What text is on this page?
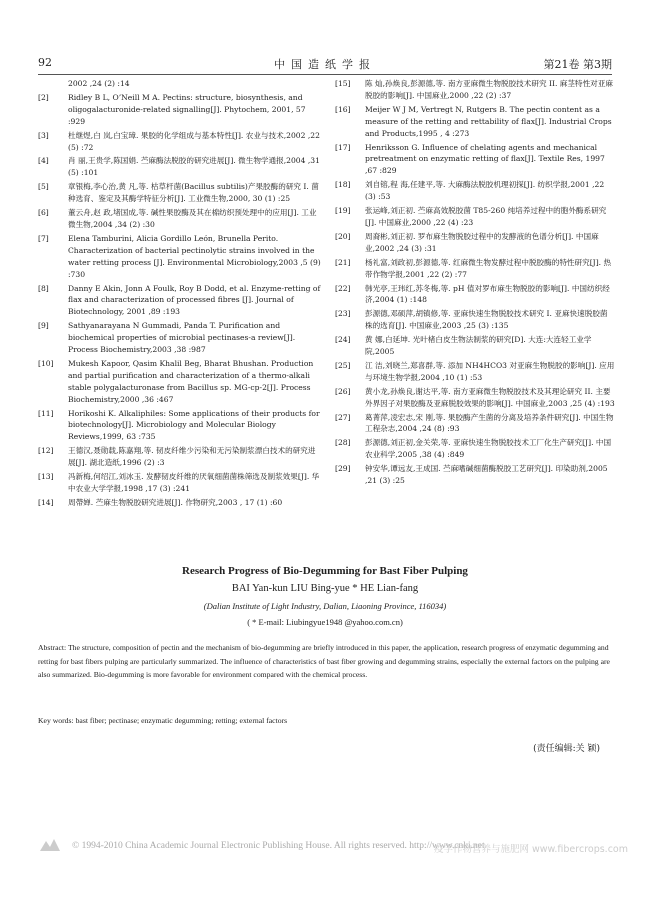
92	中国造纸学报	第21卷 第3期
2002 ,24 (2) :14
[2]	Ridley B L, O’Neill M A. Pectins: structure, biosynthesis, and oligogalacturonide-related signalling[J]. Phytochem, 2001, 57 :929
[3]	杜继煜,白 岚,白宝璋. 果胶的化学组成与基本特性[J]. 农业与技术,2002 ,22 (5) :72
[4]	肖 丽,王贵学,陈国娟. 苎麻酶法脱胶的研究进展[J]. 微生物学通报,2004 ,31 (5) :101
[5]	章银梅,李心治,黄 凡,等. 枯草杆菌(Bacillus subtilis)产果胶酶的研究 I. 菌种选育、鉴定及其酶学特征分析[J]. 工业微生物,2000, 30 (1) :25
[6]	董云舟,赵 政,堵国成,等. 碱性果胶酶及其在棉纺织预处理中的应用[J]. 工业微生物,2004 ,34 (2) :30
[7]	Elena Tamburini, Alicia Gordillo León, Brunella Perito. Characterization of bacterial pectinolytic strains involved in the water retting process [J]. Environmental Microbiology,2003 ,5 (9) :730
[8]	Danny E Akin, Jonn A Foulk, Roy B Dodd, et al. Enzyme-retting of flax and characterization of processed fibres [J]. Journal of Biotechnology, 2001 ,89 :193
[9]	Sathyanarayana N Gummadi, Panda T. Purification and biochemical properties of microbial pectinases-a review[J]. Process Biochemistry,2003 ,38 :987
[10] Mukesh Kapoor, Qasim Khalil Beg, Bharat Bhushan. Production and partial purification and characterization of a thermo-alkali stable polygalacturonase from Bacillus sp. MG-cp-2[J]. Process Biochemistry,2000 ,36 :467
[11] Horikoshi K. Alkaliphiles: Some applications of their products for biotechnology[J]. Microbiology and Molecular Biology Reviews,1999, 63 :735
[12] 王德汉,聂勋载,陈嘉翔,等. 韧皮纤维少污染和无污染制浆漂白技术的研究进展[J]. 湖北造纸,1996 (2) :3
[13] 冯新梅,何绍江,刘冰玉. 发酵韧皮纤维的厌氧细菌菌株筛选及制浆效果[J]. 华中农业大学学报,1998 ,17 (3) :241
[14] 周帶婵. 苎麻生物脱胶研究进展[J]. 作物研究,2003 , 17 (1) :60
[15] 陈 灿,孙焕良,彭源德,等. 南方亚麻微生物脱胶技术研究 II. 麻茎特性对亚麻脱胶的影响[J]. 中国麻业,2000 ,22 (2) :37
[16] Meijer W J M, Vertregt N, Rutgers B. The pectin content as a measure of the retting and rettability of flax[J]. Industrial Crops and Products,1995 , 4 :273
[17] Henriksson G. Influence of chelating agents and mechanical pretreatment on enzymatic retting of flax[J]. Textile Res, 1997 ,67 :829
[18] 刘自镕,程 海,任建平,等. 大麻酶法脱胶机理初探[J]. 纺织学报,2001 ,22 (3) :53
[19] 张运峰,刘正初. 苎麻高效脱胶菌 T85-260 纯培养过程中的胞外酶系研究[J]. 中国麻业,2000 ,22 (4) :23
[20] 周裔彬,刘正初. 罗布麻生物脱胶过程中的发酵液的色谱分析[J]. 中国麻业,2002 ,24 (3) :31
[21] 杨礼富,刘政初,彭源德,等. 红麻微生物发酵过程中脱胶酶的特性研究[J]. 热带作物学报,2001 ,22 (2) :77
[22] 韩光亭,王玮红,苏冬梅,等. pH 值对罗布麻生物脱胶的影响[J]. 中国纺织经济,2004 (1) :148
[23] 彭源德,邓硕萍,胡镇修,等. 亚麻快速生物脱胶技术研究 I. 亚麻快速脱胶菌株的选育[J]. 中国麻业,2003 ,25 (3) :135
[24] 黄 娜,白延坤. 光叶楮白皮生物法制浆的研究[D]. 大连:大连轻工业学院,2005
[25] 江 洁,刘晓兰,郑喜群,等. 添加 NH4HCO3 对亚麻生物脱胶的影响[J]. 应用与环境生物学报,2004 ,10 (1) :53
[26] 黄小龙,孙焕良,谢达平,等. 南方亚麻微生物脱胶技术及其理论研究 II. 主要外界因子对果胶酶及亚麻脱胶效果的影响[J]. 中国麻业,2003 ,25 (4) :193
[27] 葛菁萍,凌宏志,宋 刚,等. 果胶酶产生菌的分离及培养条件研究[J]. 中国生物工程杂志,2004 ,24 (8) :93
[28] 彭源德,刘正初,金关荣,等. 亚麻快速生物脱胶技术工厂化生产研究[J]. 中国农业科学,2005 ,38 (4) :849
[29] 钟安华,谭远友,王成国. 苎麻嗜碱细菌酶脱胶工艺研究[J]. 印染助剂,2005 ,21 (3) :25
Research Progress of Bio-Degumming for Bast Fiber Pulping
BAI Yan-kun LIU Bing-yue * HE Lian-fang
(Dalian Institute of Light Industry, Dalian, Liaoning Province, 116034)
( * E-mail: Liubingyue1948 @yahoo.com.cn)
Abstract: The structure, composition of pectin and the mechanism of bio-degumming are briefly introduced in this paper, the application, research progress of enzymatic degumming and retting for bast fibers pulping are particularly summarized. The influence of characteristics of bast fiber growing and degumming strains, especially the external factors on the pulping are also summarized. Bio-degumming is more favorable for environment compared with the chemical process.
Key words: bast fiber; pectinase; enzymatic degumming; retting; external factors
(责任编辑:关 颖)
© 1994-2010 China Academic Journal Electronic Publishing House. All rights reserved. http://www.cnki.net
疫学作物营养与施肥网 www.fibercrops.com
